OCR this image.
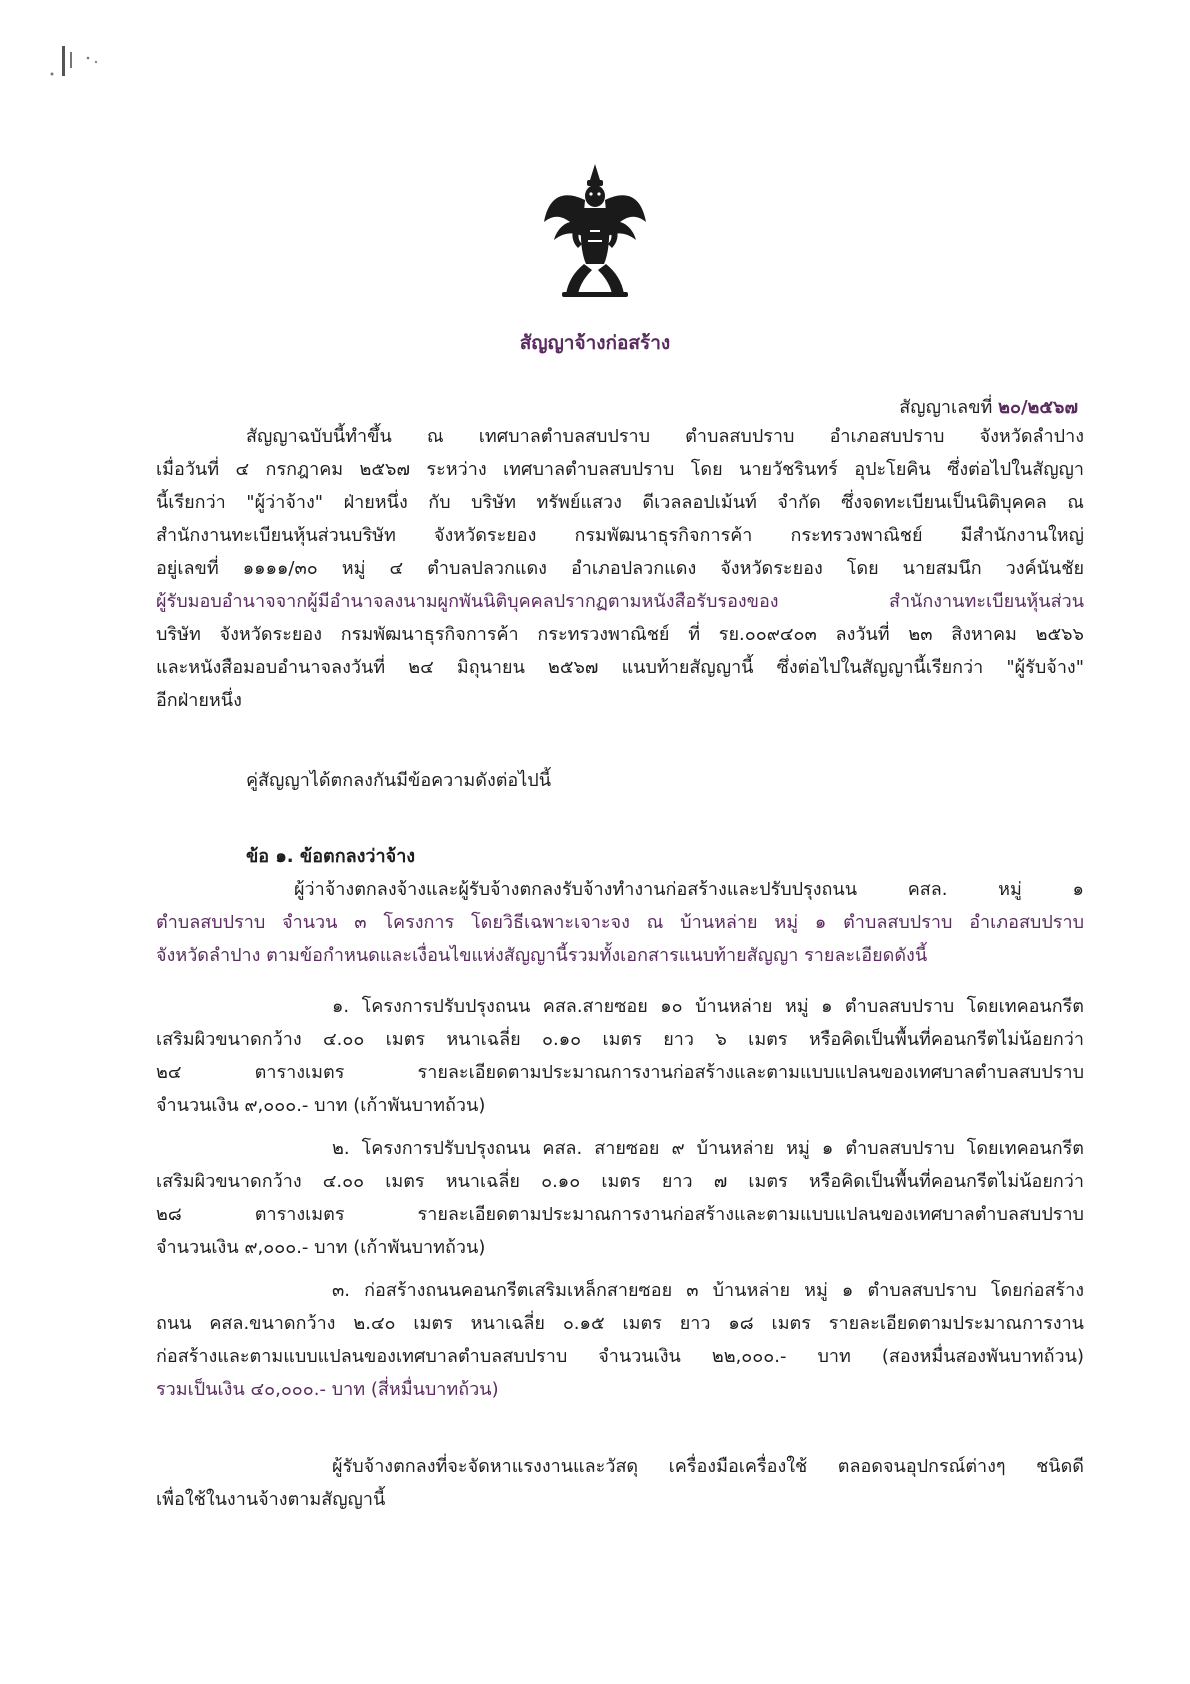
สัญญาจ้างก่อสร้าง
สัญญาเลขที่ ๒๐/๒๕๖๗

สัญญาฉบับนี้ทำขึ้น ณ เทศบาลตำบลสบปราบ ตำบลสบปราบ อำเภอสบปราบ จังหวัดลำปาง

เมื่อวันที่ ๔ กรกฎาคม ๒๕๖๗ ระหว่าง เทศบาลตำบลสบปราบ โดย นายวัชรินทร์ อุปะโยคิน ซึ่งต่อไปในสัญญา

นี้เรียกว่า "ผู้ว่าจ้าง" ฝ่ายหนึ่ง กับ บริษัท ทรัพย์แสวง ดีเวลลอปเม้นท์ จำกัด ซึ่งจดทะเบียนเป็นนิติบุคคล ณ

สำนักงานทะเบียนหุ้นส่วนบริษัท จังหวัดระยอง กรมพัฒนาธุรกิจการค้า กระทรวงพาณิชย์ มีสำนักงานใหญ่

อยู่เลขที่ ๑๑๑๑/๓๐ หมู่ ๔ ตำบลปลวกแดง อำเภอปลวกแดง จังหวัดระยอง โดย นายสมนึก วงค์นันชัย

ผู้รับมอบอำนาจจากผู้มีอำนาจลงนามผูกพันนิติบุคคลปรากฏตามหนังสือรับรองของ สำนักงานทะเบียนหุ้นส่วน

บริษัท จังหวัดระยอง กรมพัฒนาธุรกิจการค้า กระทรวงพาณิชย์ ที่ รย.๐๐๙๔๐๓ ลงวันที่ ๒๓ สิงหาคม ๒๕๖๖

และหนังสือมอบอำนาจลงวันที่ ๒๔ มิถุนายน ๒๕๖๗ แนบท้ายสัญญานี้ ซึ่งต่อไปในสัญญานี้เรียกว่า "ผู้รับจ้าง"

อีกฝ่ายหนึ่ง

คู่สัญญาได้ตกลงกันมีข้อความดังต่อไปนี้

ข้อ ๑. ข้อตกลงว่าจ้าง

ผู้ว่าจ้างตกลงจ้างและผู้รับจ้างตกลงรับจ้างทำงานก่อสร้างและปรับปรุงถนน คสล. หมู่ ๑

ตำบลสบปราบ จำนวน ๓ โครงการ โดยวิธีเฉพาะเจาะจง ณ บ้านหล่าย หมู่ ๑ ตำบลสบปราบ อำเภอสบปราบ

จังหวัดลำปาง ตามข้อกำหนดและเงื่อนไขแห่งสัญญานี้รวมทั้งเอกสารแนบท้ายสัญญา รายละเอียดดังนี้

๑. โครงการปรับปรุงถนน คสล.สายซอย ๑๐ บ้านหล่าย หมู่ ๑ ตำบลสบปราบ โดยเทคอนกรีต

เสริมผิวขนาดกว้าง ๔.๐๐ เมตร หนาเฉลี่ย ๐.๑๐ เมตร ยาว ๖ เมตร หรือคิดเป็นพื้นที่คอนกรีตไม่น้อยกว่า

๒๔ ตารางเมตร รายละเอียดตามประมาณการงานก่อสร้างและตามแบบแปลนของเทศบาลตำบลสบปราบ

จำนวนเงิน ๙,๐๐๐.- บาท (เก้าพันบาทถ้วน)

๒. โครงการปรับปรุงถนน คสล. สายซอย ๙ บ้านหล่าย หมู่ ๑ ตำบลสบปราบ โดยเทคอนกรีต

เสริมผิวขนาดกว้าง ๔.๐๐ เมตร หนาเฉลี่ย ๐.๑๐ เมตร ยาว ๗ เมตร หรือคิดเป็นพื้นที่คอนกรีตไม่น้อยกว่า

๒๘ ตารางเมตร รายละเอียดตามประมาณการงานก่อสร้างและตามแบบแปลนของเทศบาลตำบลสบปราบ

จำนวนเงิน ๙,๐๐๐.- บาท (เก้าพันบาทถ้วน)

๓. ก่อสร้างถนนคอนกรีตเสริมเหล็กสายซอย ๓ บ้านหล่าย หมู่ ๑ ตำบลสบปราบ โดยก่อสร้าง

ถนน คสล.ขนาดกว้าง ๒.๔๐ เมตร หนาเฉลี่ย ๐.๑๕ เมตร ยาว ๑๘ เมตร รายละเอียดตามประมาณการงาน

ก่อสร้างและตามแบบแปลนของเทศบาลตำบลสบปราบ จำนวนเงิน ๒๒,๐๐๐.- บาท (สองหมื่นสองพันบาทถ้วน)

รวมเป็นเงิน ๔๐,๐๐๐.- บาท (สี่หมื่นบาทถ้วน)

ผู้รับจ้างตกลงที่จะจัดหาแรงงานและวัสดุ เครื่องมือเครื่องใช้ ตลอดจนอุปกรณ์ต่างๆ ชนิดดี

เพื่อใช้ในงานจ้างตามสัญญานี้
